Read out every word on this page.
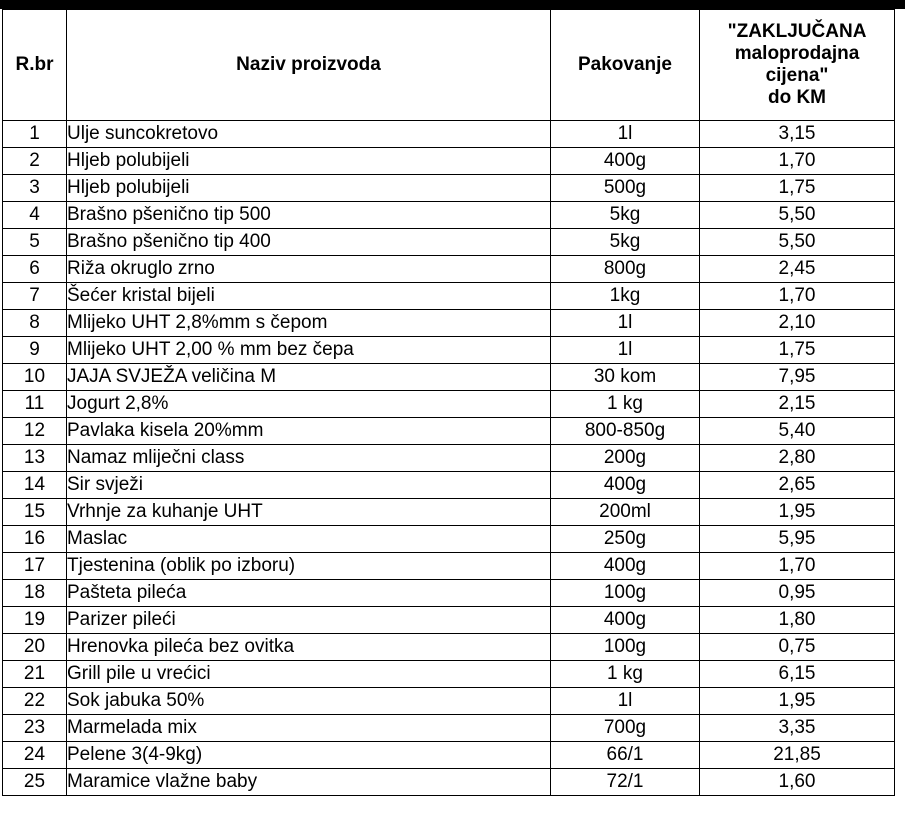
R.br	Naziv proizvoda	Pakovanje	"ZAKLJUČANA
maloprodajna
cijena"
do KM

1	Ulje suncokretovo	1l	3,15
2	Hljeb polubijeli	400g	1,70
3	Hljeb polubijeli	500g	1,75
4	Brašno pšenično tip 500	5kg	5,50
5	Brašno pšenično tip 400	5kg	5,50
6	Riža okruglo zrno	800g	2,45
7	Šećer kristal bijeli	1kg	1,70
8	Mlijeko UHT 2,8%mm s čepom	1l	2,10
9	Mlijeko UHT 2,00 % mm bez čepa	1l	1,75
10	JAJA SVJEŽA veličina M	30 kom	7,95
11	Jogurt 2,8%	1 kg	2,15
12	Pavlaka kisela 20%mm	800-850g	5,40
13	Namaz mliječni class	200g	2,80
14	Sir svježi	400g	2,65
15	Vrhnje za kuhanje UHT	200ml	1,95
16	Maslac	250g	5,95
17	Tjestenina (oblik po izboru)	400g	1,70
18	Pašteta pileća	100g	0,95
19	Parizer pileći	400g	1,80
20	Hrenovka pileća bez ovitka	100g	0,75
21	Grill pile u vrećici	1 kg	6,15
22	Sok jabuka 50%	1l	1,95
23	Marmelada mix	700g	3,35
24	Pelene 3(4-9kg)	66/1	21,85
25	Maramice vlažne baby	72/1	1,60
